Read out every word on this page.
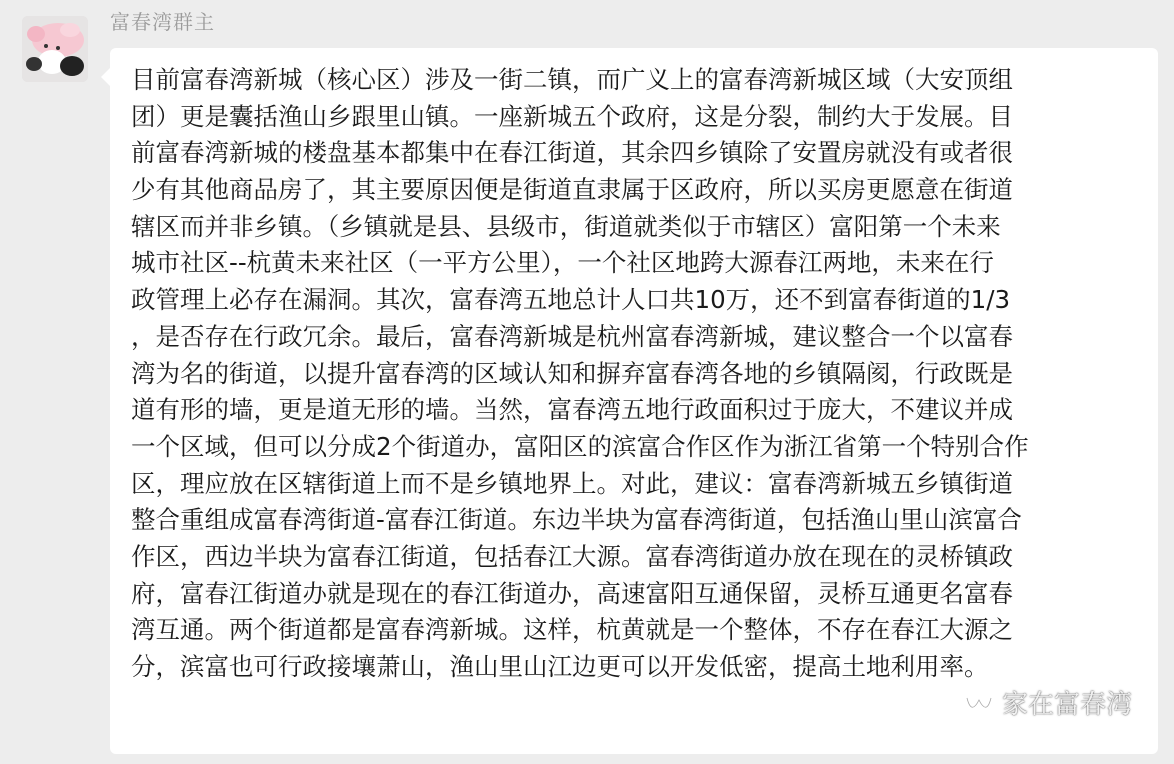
富春湾群主
目前富春湾新城（核心区）涉及一街二镇，而广义上的富春湾新城区域（大安顶组
团）更是囊括渔山乡跟里山镇。一座新城五个政府，这是分裂，制约大于发展。目
前富春湾新城的楼盘基本都集中在春江街道，其余四乡镇除了安置房就没有或者很
少有其他商品房了，其主要原因便是街道直隶属于区政府，所以买房更愿意在街道
辖区而并非乡镇。（乡镇就是县、县级市，街道就类似于市辖区）富阳第一个未来
城市社区--杭黄未来社区（一平方公里），一个社区地跨大源春江两地，未来在行
政管理上必存在漏洞。其次，富春湾五地总计人口共10万，还不到富春街道的1/3
，是否存在行政冗余。最后，富春湾新城是杭州富春湾新城，建议整合一个以富春
湾为名的街道，以提升富春湾的区域认知和摒弃富春湾各地的乡镇隔阂，行政既是
道有形的墙，更是道无形的墙。当然，富春湾五地行政面积过于庞大，不建议并成
一个区域，但可以分成2个街道办，富阳区的滨富合作区作为浙江省第一个特别合作
区，理应放在区辖街道上而不是乡镇地界上。对此，建议：富春湾新城五乡镇街道
整合重组成富春湾街道-富春江街道。东边半块为富春湾街道，包括渔山里山滨富合
作区，西边半块为富春江街道，包括春江大源。富春湾街道办放在现在的灵桥镇政
府，富春江街道办就是现在的春江街道办，高速富阳互通保留，灵桥互通更名富春
湾互通。两个街道都是富春湾新城。这样，杭黄就是一个整体，不存在春江大源之
分，滨富也可行政接壤萧山，渔山里山江边更可以开发低密，提高土地利用率。
家在富春湾
